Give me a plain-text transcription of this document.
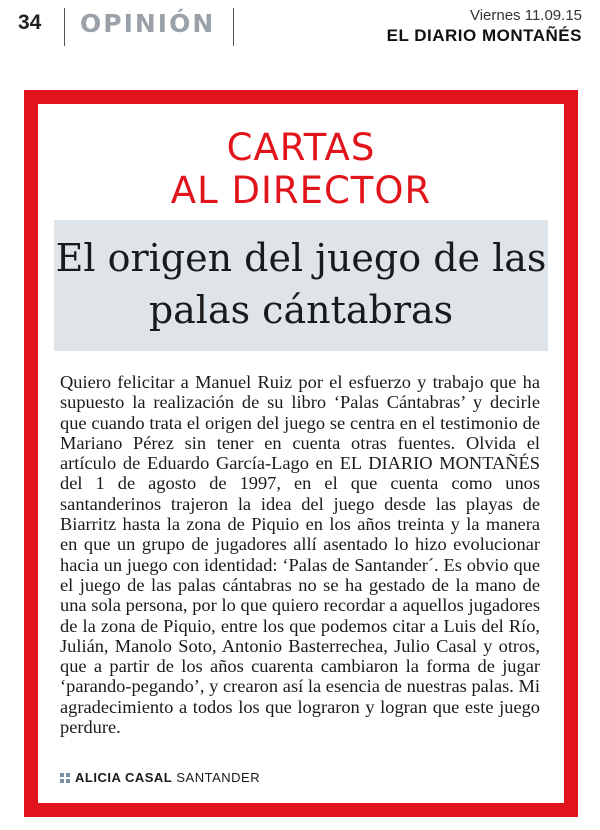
34 OPINIÓN	Viernes 11.09.15
EL DIARIO MONTAÑÉS
CARTAS
AL DIRECTOR
El origen del juego de las palas cántabras

Quiero felicitar a Manuel Ruiz por el esfuerzo y trabajo que ha supuesto la realización de su libro ‘Palas Cántabras’ y decirle que cuando trata el origen del juego se centra en el testimonio de Mariano Pérez sin tener en cuenta otras fuentes. Olvida el artículo de Eduardo García-Lago en EL DIARIO MONTAÑÉS del 1 de agosto de 1997, en el que cuenta como unos santanderinos trajeron la idea del juego desde las playas de Biarritz hasta la zona de Piquio en los años treinta y la manera en que un grupo de jugadores allí asentado lo hizo evolucionar hacia un juego con identidad: ‘Palas de Santander´. Es obvio que el juego de las palas cántabras no se ha gestado de la mano de una sola persona, por lo que quiero recordar a aquellos jugadores de la zona de Piquio, entre los que podemos citar a Luis del Río, Julián, Manolo Soto, Antonio Basterrechea, Julio Casal y otros, que a partir de los años cuarenta cambiaron la forma de jugar ‘parando-pegando’, y crearon así la esencia de nuestras palas. Mi agradecimiento a todos los que lograron y logran que este juego perdure.

ALICIA CASAL SANTANDER
